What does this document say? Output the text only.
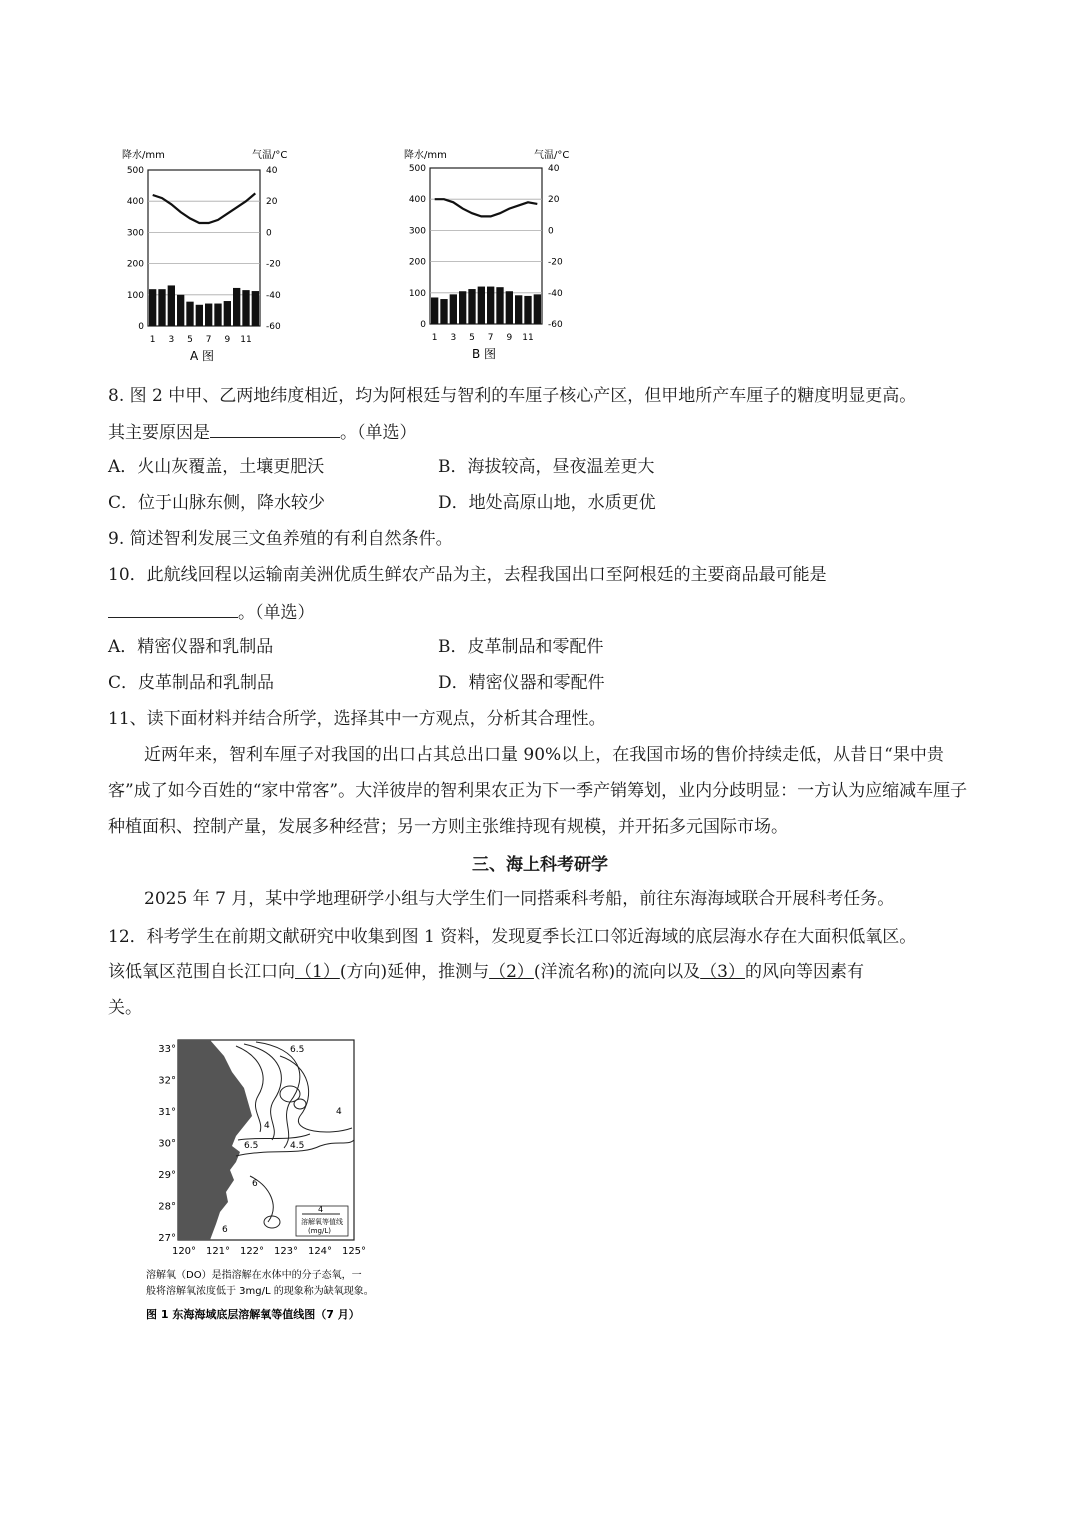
降水/mm	气温/°C
500
400
300
200
100
0
40
20
0
-20
-40
-60
1 3 5 7 9 11
A 图
降水/mm	气温/°C
500
400
300
200
100
0
40
20
0
-20
-40
-60
1 3 5 7 9 11
B 图
8. 图 2 中甲、乙两地纬度相近，均为阿根廷与智利的车厘子核心产区，但甲地所产车厘子的糖度明显更高。
其主要原因是	。（单选）
A．火山灰覆盖，土壤更肥沃	B．海拔较高，昼夜温差更大
C．位于山脉东侧，降水较少	D．地处高原山地，水质更优
9. 简述智利发展三文鱼养殖的有利自然条件。
10．此航线回程以运输南美洲优质生鲜农产品为主，去程我国出口至阿根廷的主要商品最可能是
。（单选）
A．精密仪器和乳制品	B．皮革制品和零配件
C．皮革制品和乳制品	D．精密仪器和零配件
11、读下面材料并结合所学，选择其中一方观点，分析其合理性。
近两年来，智利车厘子对我国的出口占其总出口量 90%以上，在我国市场的售价持续走低，从昔日“果中贵客”成了如今百姓的“家中常客”。大洋彼岸的智利果农正为下一季产销筹划，业内分歧明显：一方认为应缩减车厘子种植面积、控制产量，发展多种经营；另一方则主张维持现有规模，并开拓多元国际市场。
三、海上科考研学
2025 年 7 月，某中学地理研学小组与大学生们一同搭乘科考船，前往东海海域联合开展科考任务。
12．科考学生在前期文献研究中收集到图 1 资料，发现夏季长江口邻近海域的底层海水存在大面积低氧区。
该低氧区范围自长江口向（1）(方向)延伸，推测与（2）(洋流名称)的流向以及（3）的风向等因素有
关。
6.5
4
4
4.5
6.5
6
6
4
溶解氧等值线
(mg/L)
33°
32°
31°
30°
29°
28°
27°
120° 121° 122° 123° 124° 125°
溶解氧（DO）是指溶解在水体中的分子态氧，一
般将溶解氧浓度低于 3mg/L 的现象称为缺氧现象。
图 1 东海海域底层溶解氧等值线图（7 月）
